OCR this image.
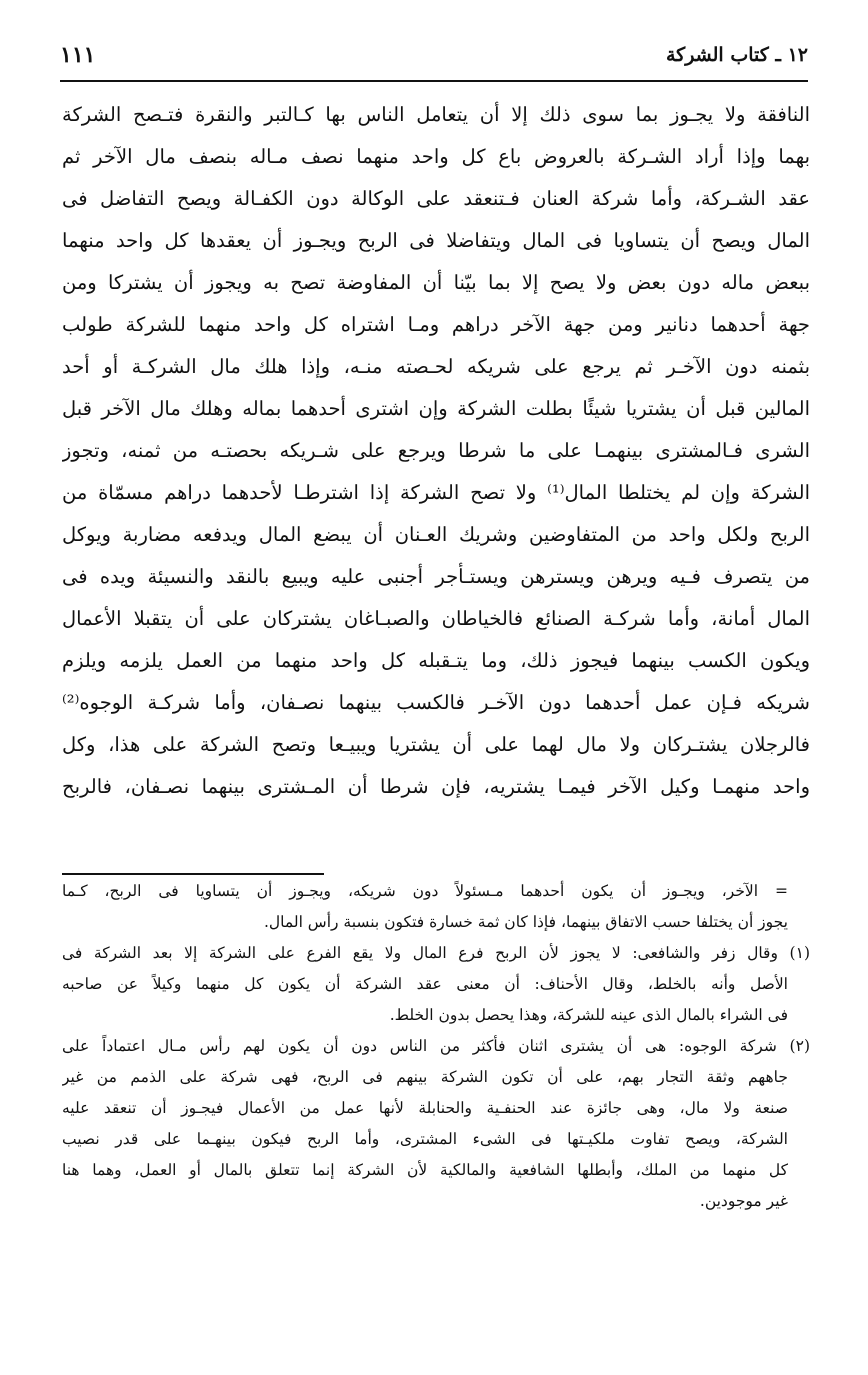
١٢ ـ كتاب الشركة
١١١
النافقة ولا يجـوز بما سوى ذلك إلا أن يتعامل الناس بها كـالتبر والنقرة فتـصح الشركة
بهما وإذا أراد الشـركة بالعروض باع كل واحد منهما نصف مـاله بنصف مال الآخر ثم
عقد الشـركة، وأما شركة العنان فـتنعقد على الوكالة دون الكفـالة ويصح التفاضل فى
المال ويصح أن يتساويا فى المال ويتفاضلا فى الربح ويجـوز أن يعقدها كل واحد منهما
ببعض ماله دون بعض ولا يصح إلا بما بيّنا أن المفاوضة تصح به ويجوز أن يشتركا ومن
جهة أحدهما دنانير ومن جهة الآخر دراهم ومـا اشتراه كل واحد منهما للشركة طولب
بثمنه دون الآخـر ثم يرجع على شريكه لحـصته منـه، وإذا هلك مال الشركـة أو أحد
المالين قبل أن يشتريا شيئًا بطلت الشركة وإن اشترى أحدهما بماله وهلك مال الآخر قبل
الشرى فـالمشترى بينهمـا على ما شرطا ويرجع على شـريكه بحصتـه من ثمنه، وتجوز
الشركة وإن لم يختلطا المال⁽¹⁾ ولا تصح الشركة إذا اشترطـا لأحدهما دراهم مسمّاة من
الربح ولكل واحد من المتفاوضين وشريك العـنان أن يبضع المال ويدفعه مضاربة ويوكل
من يتصرف فـيه ويرهن ويسترهن ويستـأجر أجنبى عليه ويبيع بالنقد والنسيئة ويده فى
المال أمانة، وأما شركـة الصنائع فالخياطان والصبـاغان يشتركان على أن يتقبلا الأعمال
ويكون الكسب بينهما فيجوز ذلك، وما يتـقبله كل واحد منهما من العمل يلزمه ويلزم
شريكه فـإن عمل أحدهما دون الآخـر فالكسب بينهما نصـفان، وأما شركـة الوجوه⁽²⁾
فالرجلان يشتـركان ولا مال لهما على أن يشتريا ويبيـعا وتصح الشركة على هذا، وكل
واحد منهمـا وكيل الآخر فيمـا يشتريه، فإن شرطا أن المـشترى بينهما نصـفان، فالربح
= الآخر، ويجـوز أن يكون أحدهما مـسئولاً دون شريكه، ويجـوز أن يتساويا فى الربح، كـما
يجوز أن يختلفا حسب الاتفاق بينهما، فإذا كان ثمة خسارة فتكون بنسبة رأس المال.
(١) وقال زفر والشافعى: لا يجوز لأن الربح فرع المال ولا يقع الفرع على الشركة إلا بعد الشركة فى
الأصل وأنه بالخلط، وقال الأحناف: أن معنى عقد الشركة أن يكون كل منهما وكيلاً عن صاحبه
فى الشراء بالمال الذى عينه للشركة، وهذا يحصل بدون الخلط.
(٢) شركة الوجوه: هى أن يشترى اثنان فأكثر من الناس دون أن يكون لهم رأس مـال اعتماداً على
جاههم وثقة التجار بهم، على أن تكون الشركة بينهم فى الربح، فهى شركة على الذمم من غير
صنعة ولا مال، وهى جائزة عند الحنفـية والحنابلة لأنها عمل من الأعمال فيجـوز أن تنعقد عليه
الشركة، ويصح تفاوت ملكيـتها فى الشىء المشترى، وأما الربح فيكون بينهـما على قدر نصيب
كل منهما من الملك، وأبطلها الشافعية والمالكية لأن الشركة إنما تتعلق بالمال أو العمل، وهما هنا
غير موجودين.
